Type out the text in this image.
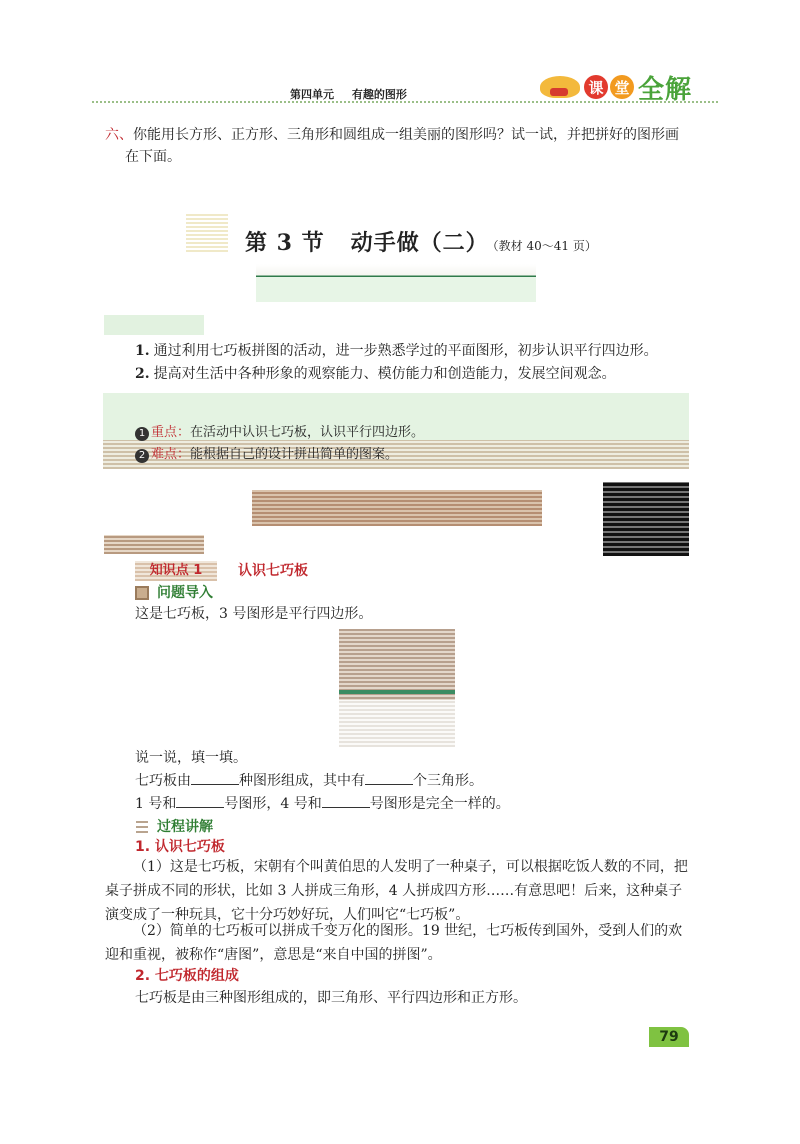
第四单元 有趣的图形	课 堂 全解
六、你能用长方形、正方形、三角形和圆组成一组美丽的图形吗？试一试，并把拼好的图形画
在下面。
第 3 节 动手做（二） （教材 40～41 页）
1. 通过利用七巧板拼图的活动，进一步熟悉学过的平面图形，初步认识平行四边形。
2. 提高对生活中各种形象的观察能力、模仿能力和创造能力，发展空间观念。
1 重点：在活动中认识七巧板，认识平行四边形。
2 难点：能根据自己的设计拼出简单的图案。
知识点 1	认识七巧板
问题导入
这是七巧板，3 号图形是平行四边形。
说一说，填一填。
七巧板由	种图形组成，其中有	个三角形。
1 号和	号图形，4 号和	号图形是完全一样的。
过程讲解
1. 认识七巧板
（1）这是七巧板，宋朝有个叫黄伯思的人发明了一种桌子，可以根据吃饭人数的不同，把桌子拼成不同的形状，比如 3 人拼成三角形，4 人拼成四方形……有意思吧！后来，这种桌子演变成了一种玩具，它十分巧妙好玩，人们叫它“七巧板”。
（2）简单的七巧板可以拼成千变万化的图形。19 世纪，七巧板传到国外，受到人们的欢迎和重视，被称作“唐图”，意思是“来自中国的拼图”。
2. 七巧板的组成
七巧板是由三种图形组成的，即三角形、平行四边形和正方形。
79
